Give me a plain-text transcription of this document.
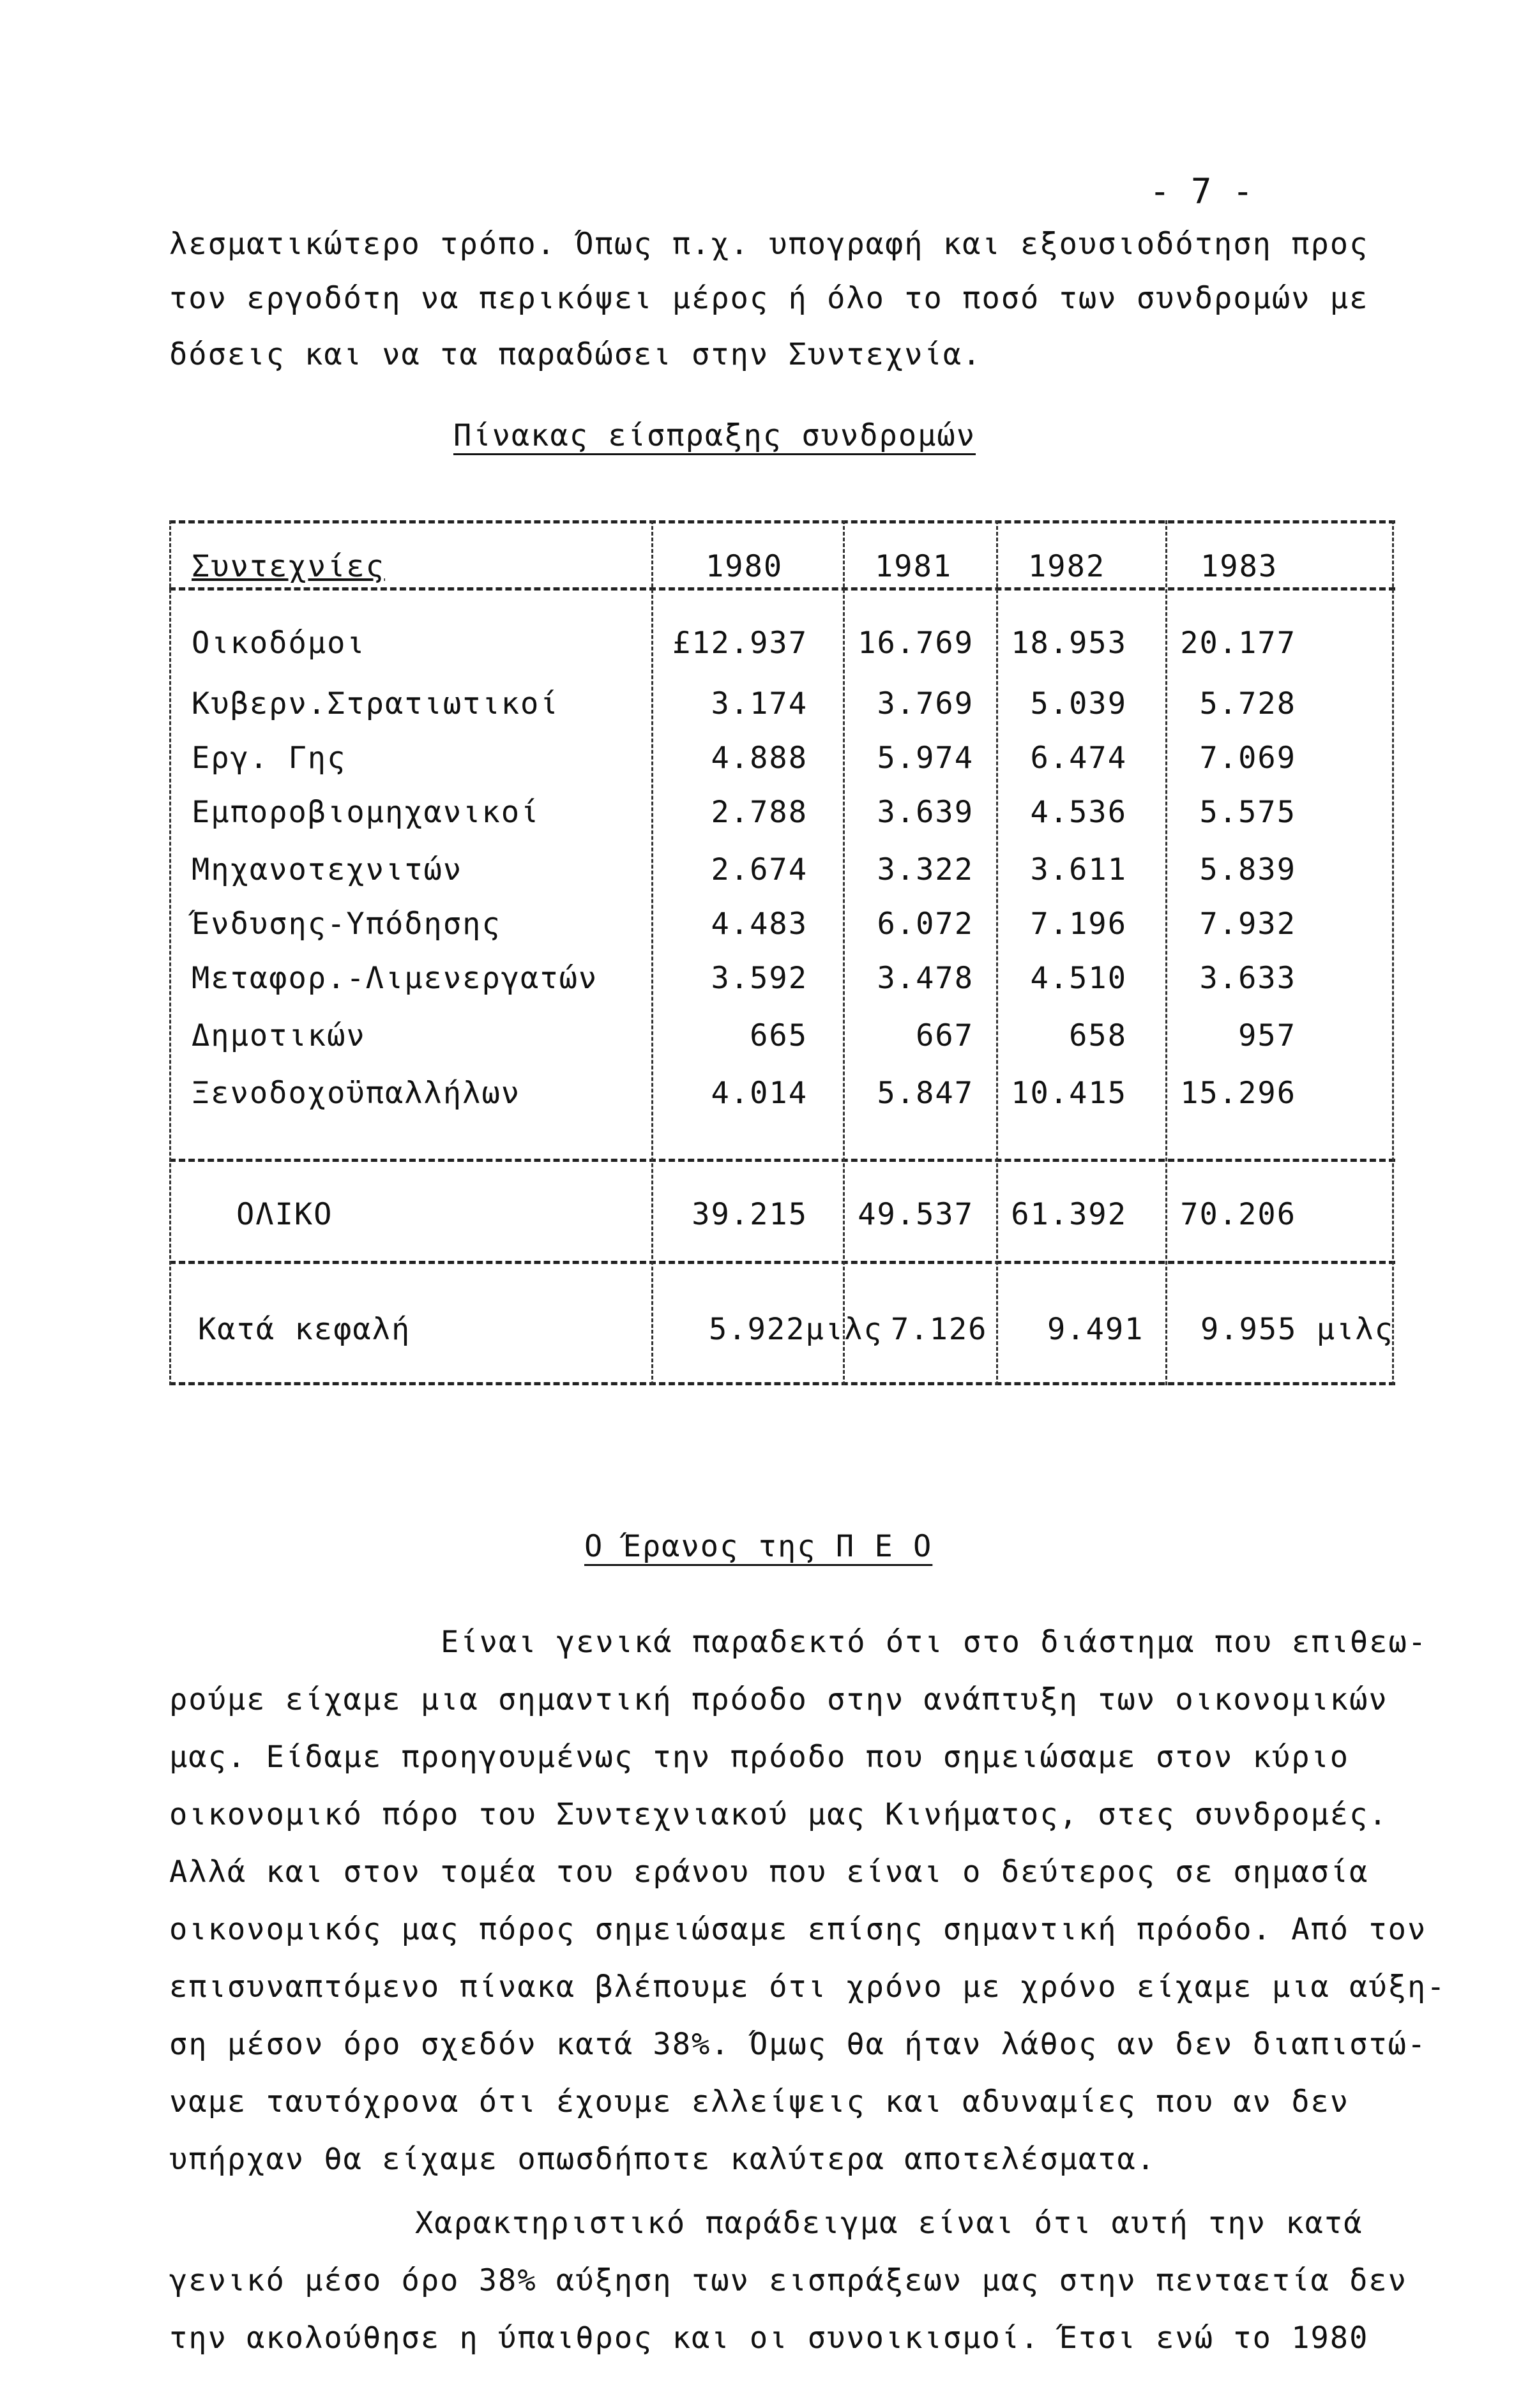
- 7 -
λεσματικώτερο τρόπο. Όπως π.χ. υπογραφή και εξουσιοδότηση προς
τον εργοδότη να περικόψει μέρος ή όλο το ποσό των συνδρομών με
δόσεις και να τα παραδώσει στην Συντεχνία.
Πίνακας είσπραξης συνδρομών
Συντεχνίες	1980	1981	1982	1983
Οικοδόμοι	£12.937	16.769	18.953	20.177
Κυβερν.Στρατιωτικοί	3.174	3.769	5.039	5.728
Εργ. Γης	4.888	5.974	6.474	7.069
Εμποροβιομηχανικοί	2.788	3.639	4.536	5.575
Μηχανοτεχνιτών	2.674	3.322	3.611	5.839
Ένδυσης-Υπόδησης	4.483	6.072	7.196	7.932
Μεταφορ.-Λιμενεργατών	3.592	3.478	4.510	3.633
Δημοτικών	665	667	658	957
Ξενοδοχοϋπαλλήλων	4.014	5.847	10.415	15.296
ΟΛΙΚΟ	39.215	49.537	61.392	70.206
Κατά κεφαλή	5.922μιλς 7.126 9.491 9.955 μιλς
Ο Έρανος της Π Ε Ο
Είναι γενικά παραδεκτό ότι στο διάστημα που επιθεω-
ρούμε είχαμε μια σημαντική πρόοδο στην ανάπτυξη των οικονομικών
μας. Είδαμε προηγουμένως την πρόοδο που σημειώσαμε στον κύριο
οικονομικό πόρο του Συντεχνιακού μας Κινήματος, στες συνδρομές.
Αλλά και στον τομέα του εράνου που είναι ο δεύτερος σε σημασία
οικονομικός μας πόρος σημειώσαμε επίσης σημαντική πρόοδο. Από τον
επισυναπτόμενο πίνακα βλέπουμε ότι χρόνο με χρόνο είχαμε μια αύξη-
ση μέσον όρο σχεδόν κατά 38%. Όμως θα ήταν λάθος αν δεν διαπιστώ-
ναμε ταυτόχρονα ότι έχουμε ελλείψεις και αδυναμίες που αν δεν
υπήρχαν θα είχαμε οπωσδήποτε καλύτερα αποτελέσματα.
Χαρακτηριστικό παράδειγμα είναι ότι αυτή την κατά
γενικό μέσο όρο 38% αύξηση των εισπράξεων μας στην πενταετία δεν
την ακολούθησε η ύπαιθρος και οι συνοικισμοί. Έτσι ενώ το 1980
